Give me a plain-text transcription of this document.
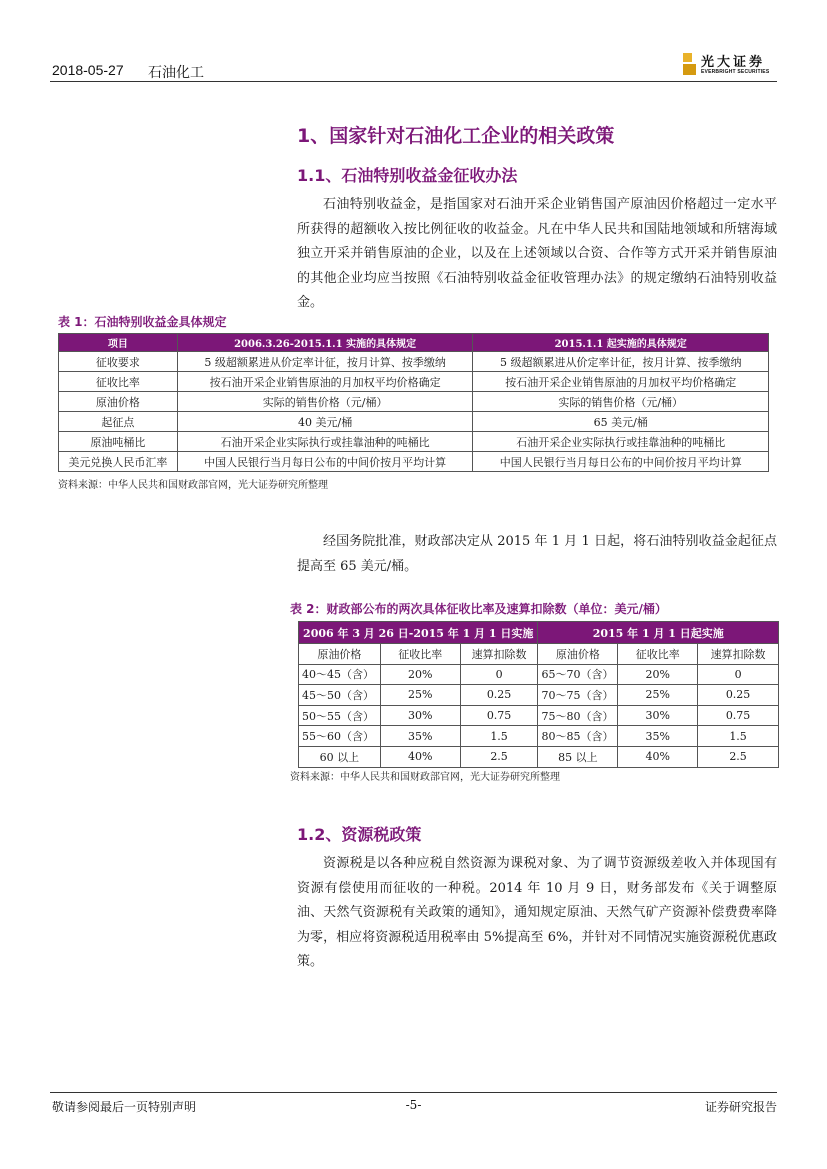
2018-05-27 石油化工
光大证券
EVERBRIGHT SECURITIES
1、国家针对石油化工企业的相关政策
1.1、石油特别收益金征收办法

石油特别收益金，是指国家对石油开采企业销售国产原油因价格超过一定水平所获得的超额收入按比例征收的收益金。凡在中华人民共和国陆地领域和所辖海域独立开采并销售原油的企业，以及在上述领域以合资、合作等方式开采并销售原油的其他企业均应当按照《石油特别收益金征收管理办法》的规定缴纳石油特别收益金。

表 1：石油特别收益金具体规定
项目	2006.3.26-2015.1.1 实施的具体规定	2015.1.1 起实施的具体规定
征收要求	5 级超额累进从价定率计征，按月计算、按季缴纳	5 级超额累进从价定率计征，按月计算、按季缴纳
征收比率	按石油开采企业销售原油的月加权平均价格确定	按石油开采企业销售原油的月加权平均价格确定
原油价格	实际的销售价格（元/桶）	实际的销售价格（元/桶）
起征点	40 美元/桶	65 美元/桶
原油吨桶比	石油开采企业实际执行或挂靠油种的吨桶比	石油开采企业实际执行或挂靠油种的吨桶比
美元兑换人民币汇率	中国人民银行当月每日公布的中间价按月平均计算	中国人民银行当月每日公布的中间价按月平均计算
资料来源：中华人民共和国财政部官网，光大证券研究所整理

经国务院批准，财政部决定从 2015 年 1 月 1 日起，将石油特别收益金起征点提高至 65 美元/桶。

表 2：财政部公布的两次具体征收比率及速算扣除数（单位：美元/桶）
2006 年 3 月 26 日-2015 年 1 月 1 日实施			2015 年 1 月 1 日起实施		
原油价格	征收比率	速算扣除数	原油价格	征收比率	速算扣除数
40～45（含）	20%	0	65～70（含）	20%	0
45～50（含）	25%	0.25	70～75（含）	25%	0.25
50～55（含）	30%	0.75	75～80（含）	30%	0.75
55～60（含）	35%	1.5	80～85（含）	35%	1.5
60 以上	40%	2.5	85 以上	40%	2.5
资料来源：中华人民共和国财政部官网，光大证券研究所整理
1.2、资源税政策

资源税是以各种应税自然资源为课税对象、为了调节资源级差收入并体现国有资源有偿使用而征收的一种税。2014 年 10 月 9 日，财务部发布《关于调整原油、天然气资源税有关政策的通知》，通知规定原油、天然气矿产资源补偿费费率降为零，相应将资源税适用税率由 5%提高至 6%，并针对不同情况实施资源税优惠政策。

敬请参阅最后一页特别声明	-5-	证券研究报告
